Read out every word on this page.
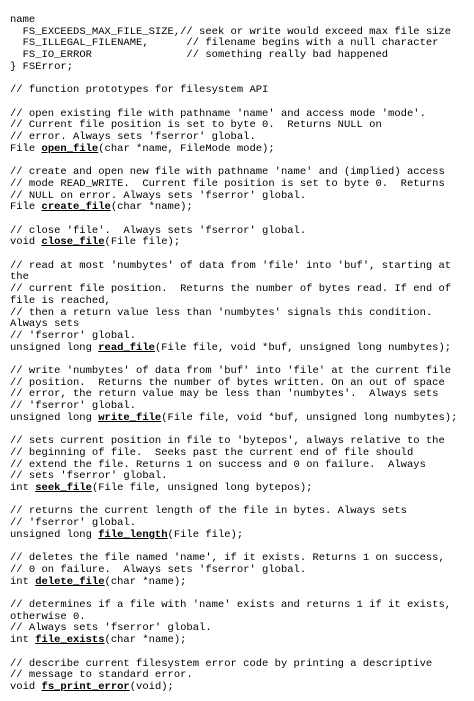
name
FS_EXCEEDS_MAX_FILE_SIZE,// seek or write would exceed max file size
FS_ILLEGAL_FILENAME,      // filename begins with a null character
FS_IO_ERROR               // something really bad happened
} FSError;
// function prototypes for filesystem API
// open existing file with pathname 'name' and access mode 'mode'.
// Current file position is set to byte 0.  Returns NULL on
// error. Always sets 'fserror' global.
File open_file(char *name, FileMode mode);
// create and open new file with pathname 'name' and (implied) access
// mode READ_WRITE.  Current file position is set to byte 0.  Returns
// NULL on error. Always sets 'fserror' global.
File create_file(char *name);
// close 'file'.  Always sets 'fserror' global.
void close_file(File file);
// read at most 'numbytes' of data from 'file' into 'buf', starting at the
// current file position.  Returns the number of bytes read. If end of file is reached,
// then a return value less than 'numbytes' signals this condition. Always sets
// 'fserror' global.
unsigned long read_file(File file, void *buf, unsigned long numbytes);
// write 'numbytes' of data from 'buf' into 'file' at the current file
// position.  Returns the number of bytes written. On an out of space
// error, the return value may be less than 'numbytes'.  Always sets
// 'fserror' global.
unsigned long write_file(File file, void *buf, unsigned long numbytes);
// sets current position in file to 'bytepos', always relative to the
// beginning of file.  Seeks past the current end of file should
// extend the file. Returns 1 on success and 0 on failure.  Always
// sets 'fserror' global.
int seek_file(File file, unsigned long bytepos);
// returns the current length of the file in bytes. Always sets
// 'fserror' global.
unsigned long file_length(File file);
// deletes the file named 'name', if it exists. Returns 1 on success,
// 0 on failure.  Always sets 'fserror' global.
int delete_file(char *name);
// determines if a file with 'name' exists and returns 1 if it exists, otherwise 0.
// Always sets 'fserror' global.
int file_exists(char *name);
// describe current filesystem error code by printing a descriptive
// message to standard error.
void fs_print_error(void);
